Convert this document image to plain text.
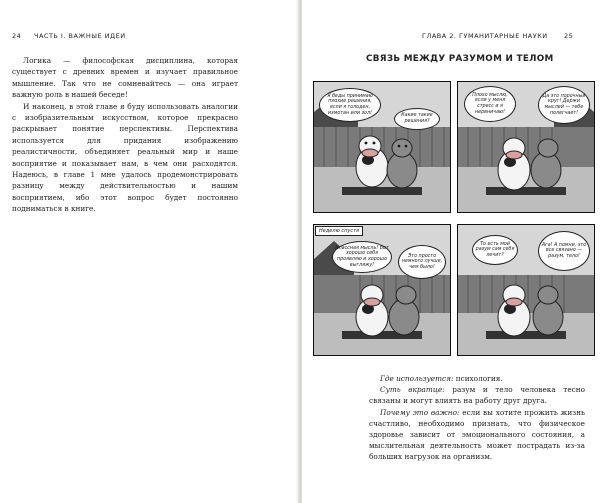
24 ЧАСТЬ I. ВАЖНЫЕ ИДЕИ

Логика — философская дисциплина, которая существует с древних времен и изучает правильное мышление. Так что не сомневайтесь — она играет важную роль в нашей беседе!

И наконец, в этой главе я буду использовать аналогии с изобразительным искусством, которое прекрасно раскрывает понятие перспективы. Перспектива используется для придания изображению реалистичности, объединяет реальный мир и наше восприятие и показывает нам, в чем они расходятся. Надеюсь, в главе 1 мне удалось продемонстрировать разницу между действительностью и нашим восприятием, ибо этот вопрос будет постоянно подниматься в книге.

ГЛАВА 2. ГУМАНИТАРНЫЕ НАУКИ	25
СВЯЗЬ МЕЖДУ РАЗУМОМ И ТЕЛОМ
Я беды принимаю плохие решения, если я голоден, измотан или зол!
Какие такие решения?
Плохо мыслю, если у меня стресс и я нервничаю!
Да это порочный круг! Держи мыслей — тебе полегчает!
Неделю спустя
Классная мысль! Вот хорошо себя проявляю и хорошо выгляжу!
Это просто немного лучше, чем было!
То есть мой разум сам себя лечит?
Ага! А помни, это все связано — разум, тело!

Где используется: психология.

Суть вкратце: разум и тело человека тесно связаны и могут влиять на работу друг друга.

Почему это важно: если вы хотите прожить жизнь счастливо, необходимо признать, что физическое здоровье зависит от эмоционального состояния, а мыслительная деятельность может пострадать из-за больших нагрузок на организм.
